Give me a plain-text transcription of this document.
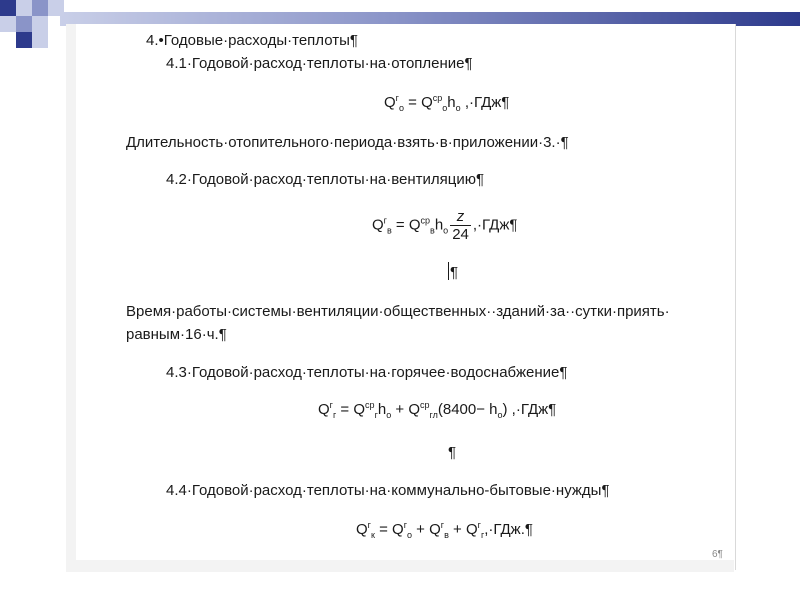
4.•Годовые·расходы·теплоты¶
4.1·Годовой·расход·теплоты·на·отопление¶
$Q^г_о = Q^{ср}_оh_о$ ,·ГДж¶
Длительность·отопительного·периода·взять·в·приложении·3.·¶
4.2·Годовой·расход·теплоты·на·вентиляцию¶
$Q^г_в = Q^{ср}_вh_о \frac{z}{24}$ ,·ГДж¶
¶
Время·работы·системы·вентиляции·общественных··зданий·за··сутки·приять·
равным·16·ч.¶
4.3·Годовой·расход·теплоты·на·горячее·водоснабжение¶
$Q^г_г = Q^{ср}_гh_о + Q^{ср}_{гл}(8400- h_о)$ ,·ГДж¶
¶
4.4·Годовой·расход·теплоты·на·коммунально-бытовые·нужды¶
$Q^г_к = Q^г_о + Q^г_в$ + $Q^г_г,\cdot ГДж.\P$
6¶
